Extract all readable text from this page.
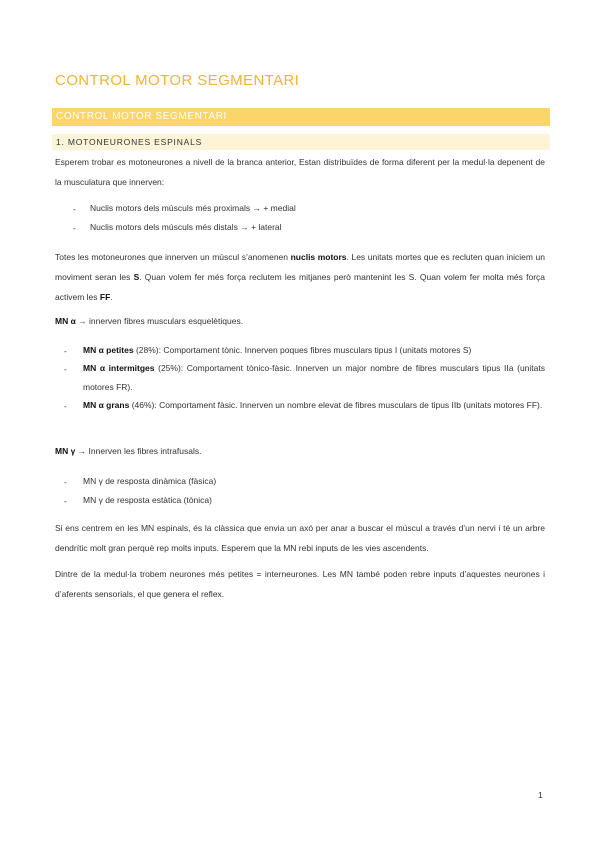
CONTROL MOTOR SEGMENTARI
CONTROL MOTOR SEGMENTARI
1. MOTONEURONES ESPINALS

Esperem trobar es motoneurones a nivell de la branca anterior, Estan distribuïdes de forma diferent per la medul·la depenent de la musculatura que innerven:

- Nuclis motors dels músculs més proximals → + medial
- Nuclis motors dels músculs més distals → + lateral

Totes les motoneurones que innerven un múscul s’anomenen nuclis motors. Les unitats mortes que es recluten quan iniciem un moviment seran les S. Quan volem fer més força reclutem les mitjanes però mantenint les S. Quan volem fer molta més força activem les FF.

MN α → innerven fibres musculars esquelètiques.
- MN α petites (28%): Comportament tònic. Innerven poques fibres musculars tipus I (unitats motores S)
- MN α intermitges (25%): Comportament tònico-fàsic. Innerven un major nombre de fibres musculars tipus IIa (unitats motores FR).
- MN α grans (46%): Comportament fàsic. Innerven un nombre elevat de fibres musculars de tipus IIb (unitats motores FF).
MN γ → Innerven les fibres intrafusals.
- MN γ de resposta dinàmica (fàsica)
- MN γ de resposta estàtica (tònica)

Si ens centrem en les MN espinals, és la clàssica que envia un axó per anar a buscar el múscul a través d’un nervi i té un arbre dendrític molt gran perquè rep molts inputs. Esperem que la MN rebi inputs de les vies ascendents.

Dintre de la medul·la trobem neurones més petites = interneurones. Les MN també poden rebre inputs d’aquestes neurones i d’aferents sensorials, el que genera el reflex.

1
